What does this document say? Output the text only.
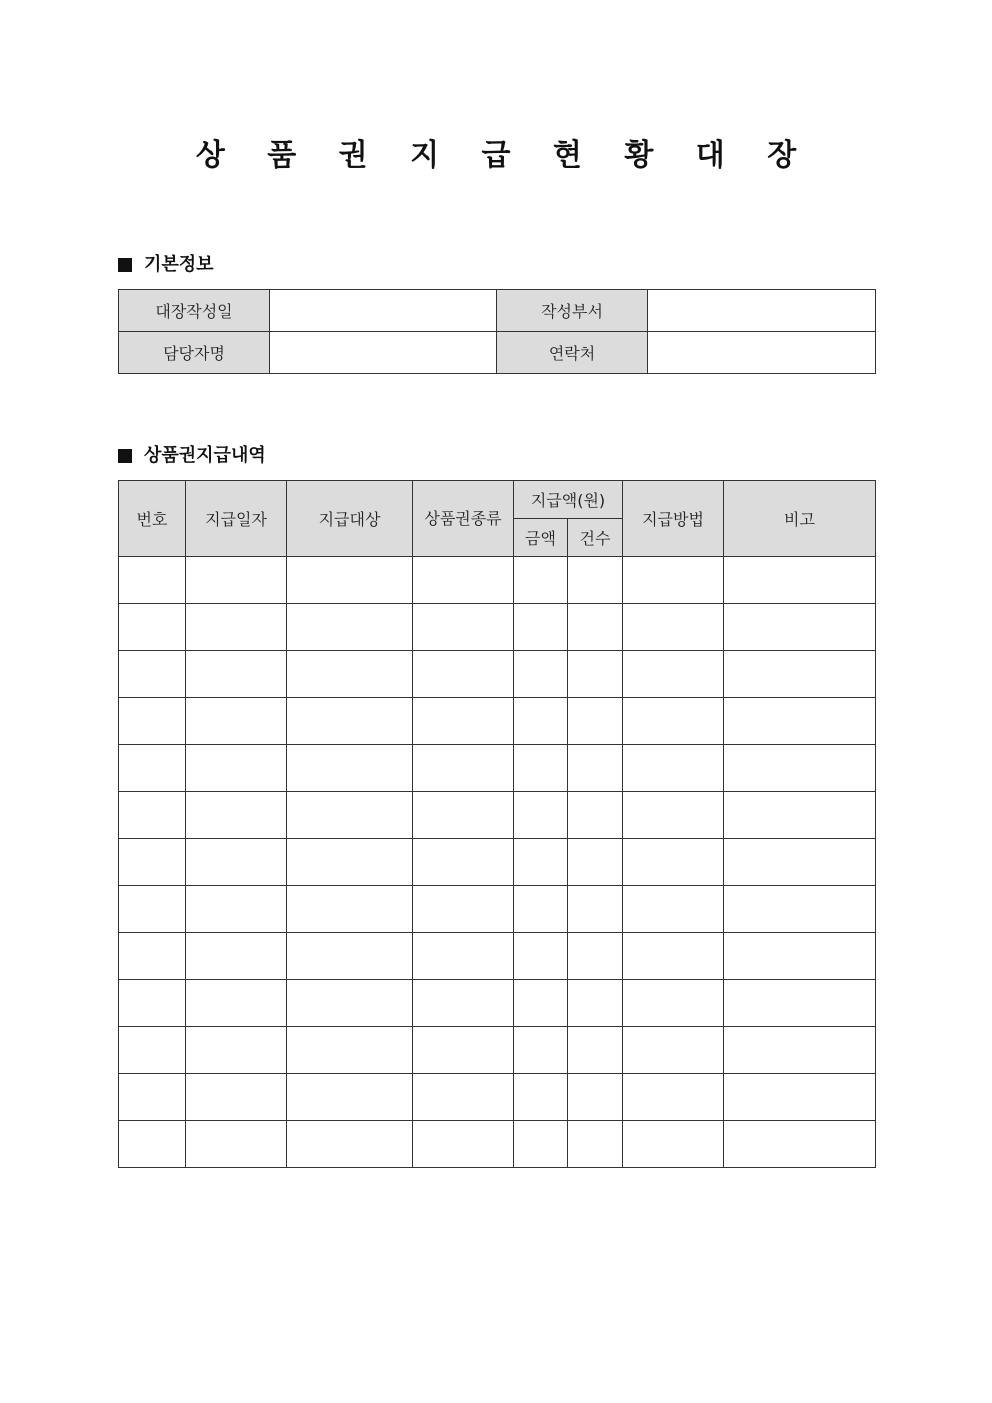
상 품 권 지 급 현 황 대 장
기본정보
대장작성일		작성부서	
담당자명		연락처	
상품권지급내역
번호	지급일자	지급대상	상품권종류	지급액(원)		지급방법	비고
				금액	건수		
